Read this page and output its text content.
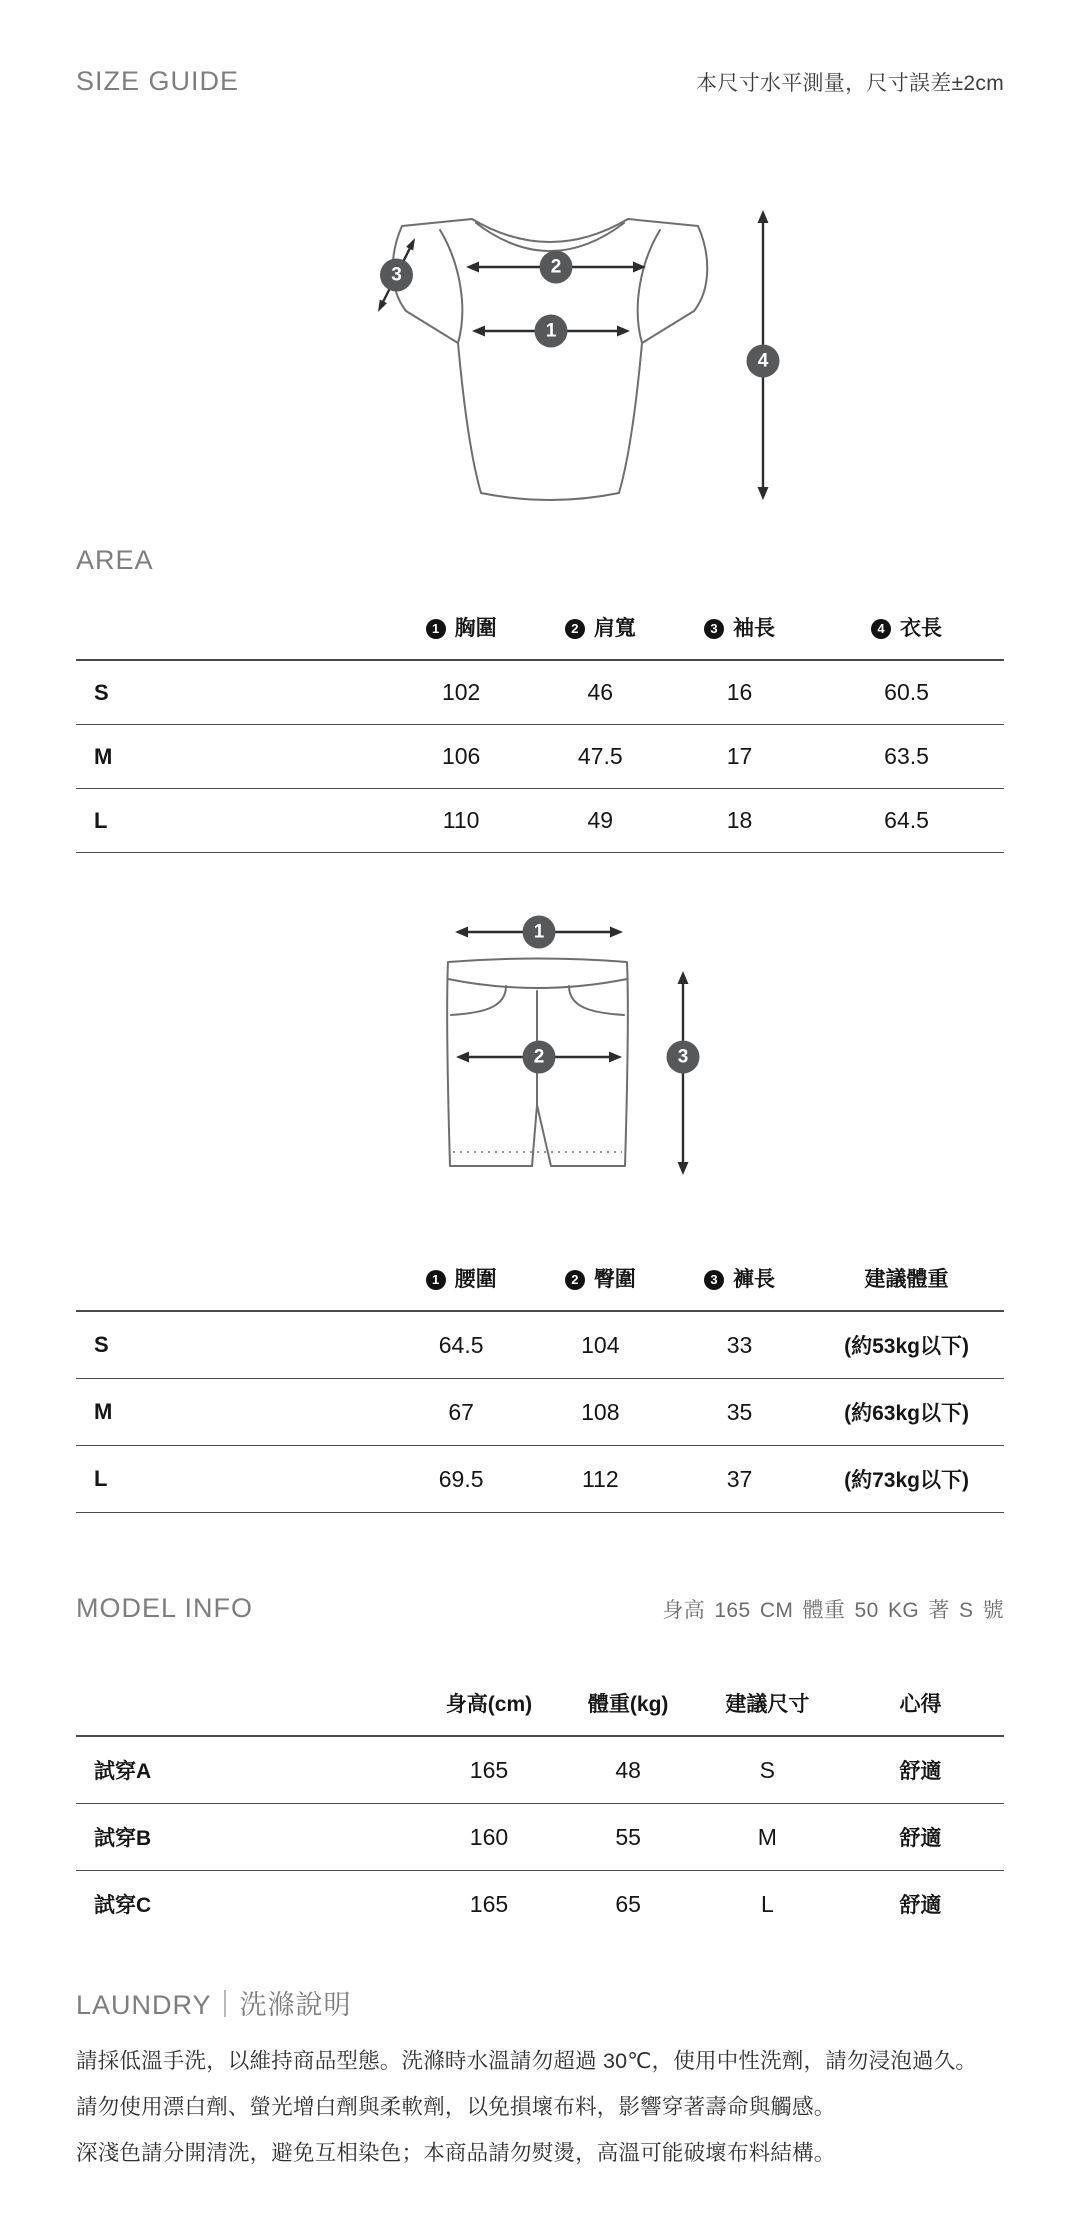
SIZE GUIDE	本尺寸水平測量，尺寸誤差±2cm
1
2
3
4
AREA
	1 胸圍	2 肩寬	3 袖長	4 衣長
S	102	46	16	60.5
M	106	47.5	17	63.5
L	110	49	18	64.5
1
2	3
	1 腰圍	2 臀圍	3 褲長	建議體重
S	64.5	104	33	(約53kg以下)
M	67	108	35	(約63kg以下)
L	69.5	112	37	(約73kg以下)
MODEL INFO	身高 165 CM 體重 50 KG 著 S 號
	身高(cm)	體重(kg)	建議尺寸	心得
試穿A	165	48	S	舒適
試穿B	160	55	M	舒適
試穿C	165	65	L	舒適
LAUNDRY｜洗滌說明

請採低溫手洗，以維持商品型態。洗滌時水溫請勿超過 30℃，使用中性洗劑，請勿浸泡過久。

請勿使用漂白劑、螢光增白劑與柔軟劑，以免損壞布料，影響穿著壽命與觸感。

深淺色請分開清洗，避免互相染色；本商品請勿熨燙，高溫可能破壞布料結構。
